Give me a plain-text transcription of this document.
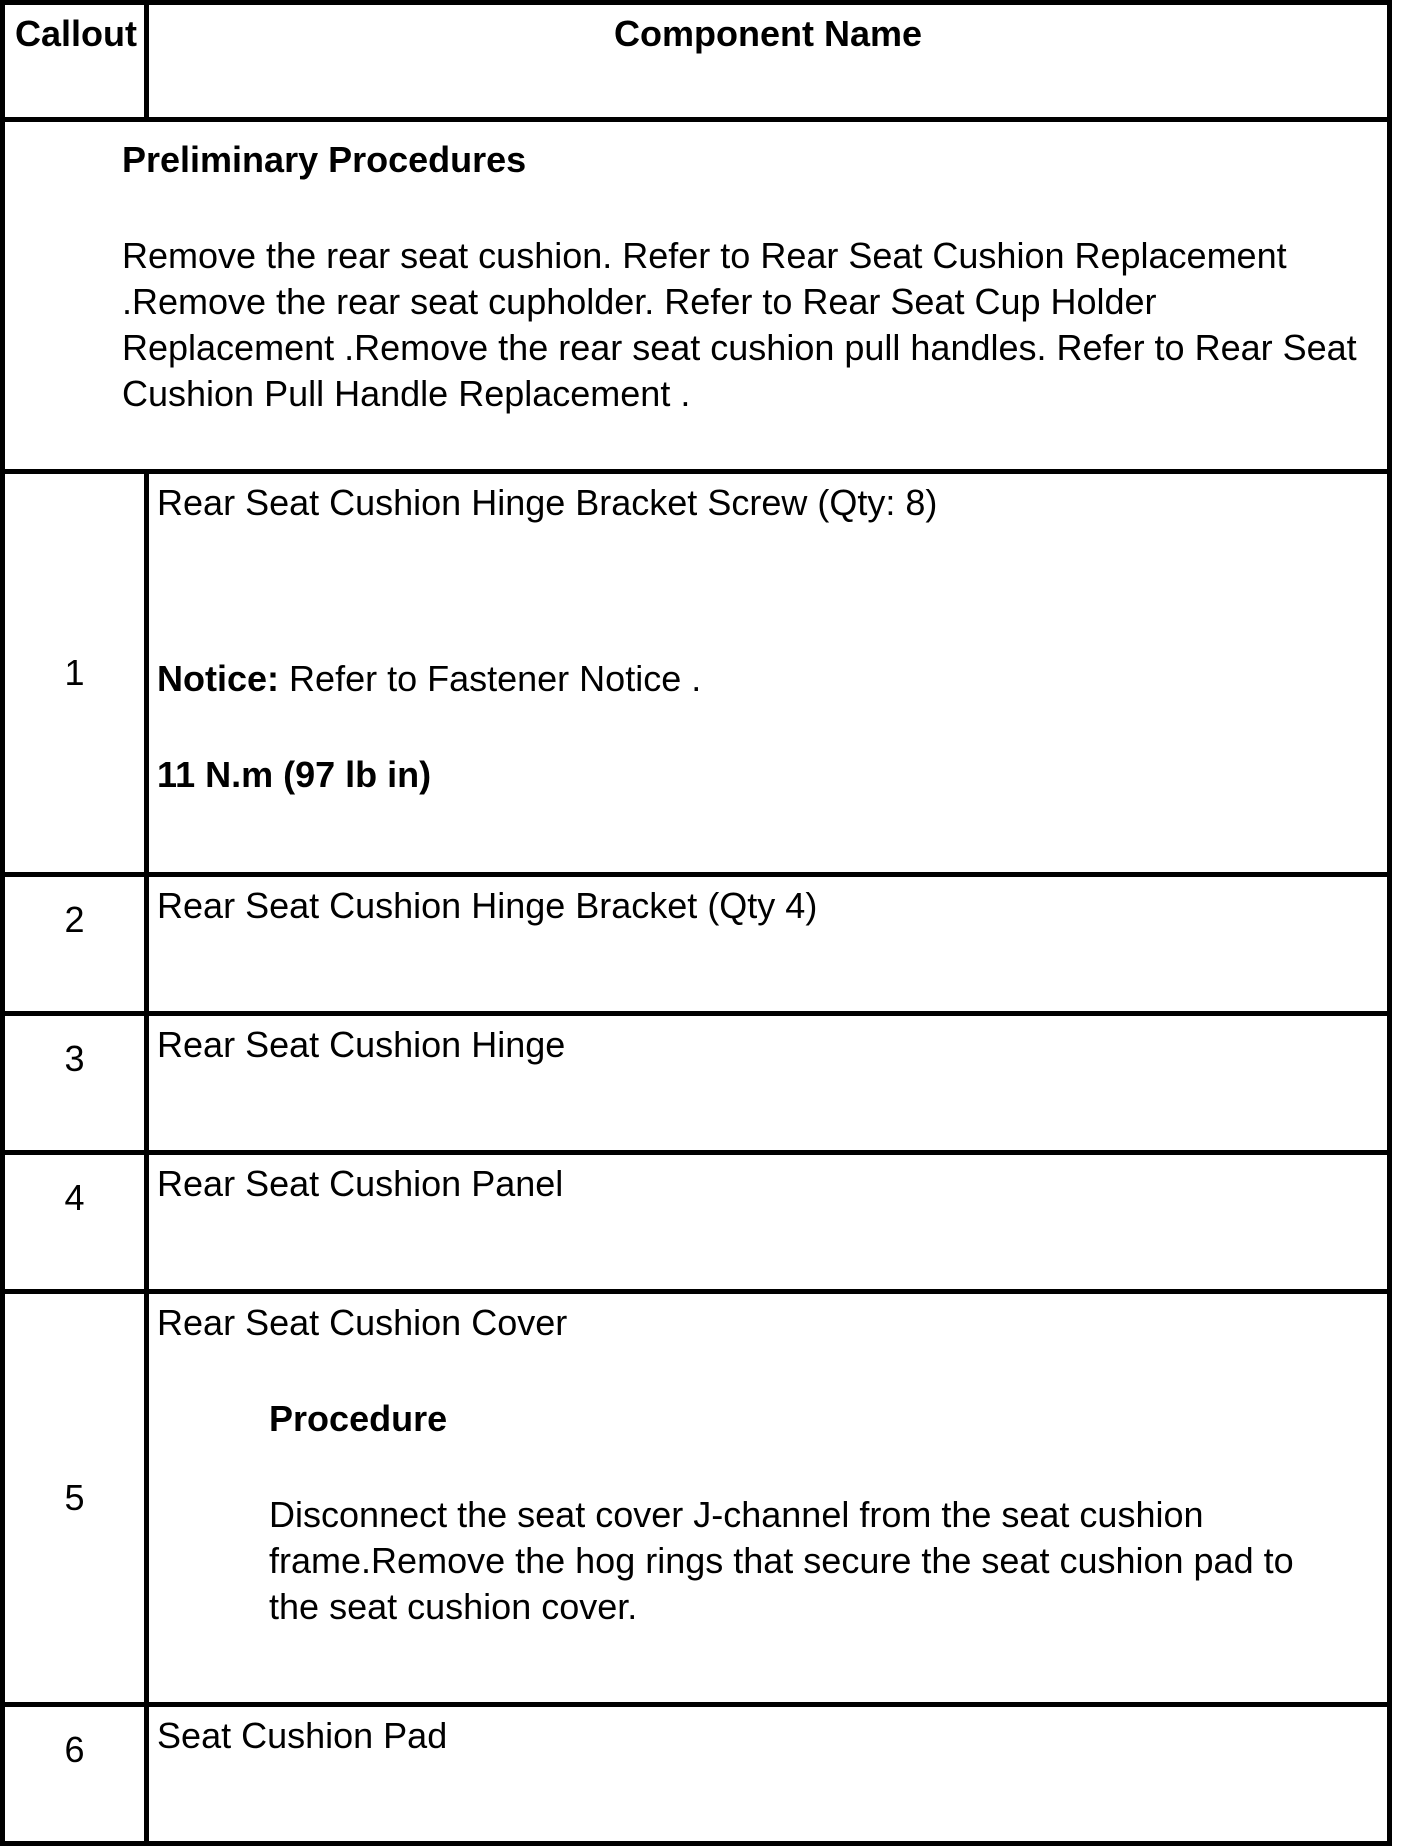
Callout	Component Name

Preliminary Procedures
Remove the rear seat cushion. Refer to Rear Seat Cushion Replacement .Remove the rear seat cupholder. Refer to Rear Seat Cup Holder Replacement .Remove the rear seat cushion pull handles. Refer to Rear Seat Cushion Pull Handle Replacement .	

1	Rear Seat Cushion Hinge Bracket Screw (Qty: 8)
Notice: Refer to Fastener Notice .
11 N.m (97 lb in)

2	Rear Seat Cushion Hinge Bracket (Qty 4)
3	Rear Seat Cushion Hinge
4	Rear Seat Cushion Panel
5	Rear Seat Cushion Cover
Procedure
Disconnect the seat cover J-channel from the seat cushion frame.Remove the hog rings that secure the seat cushion pad to the seat cushion cover.

6	Seat Cushion Pad
